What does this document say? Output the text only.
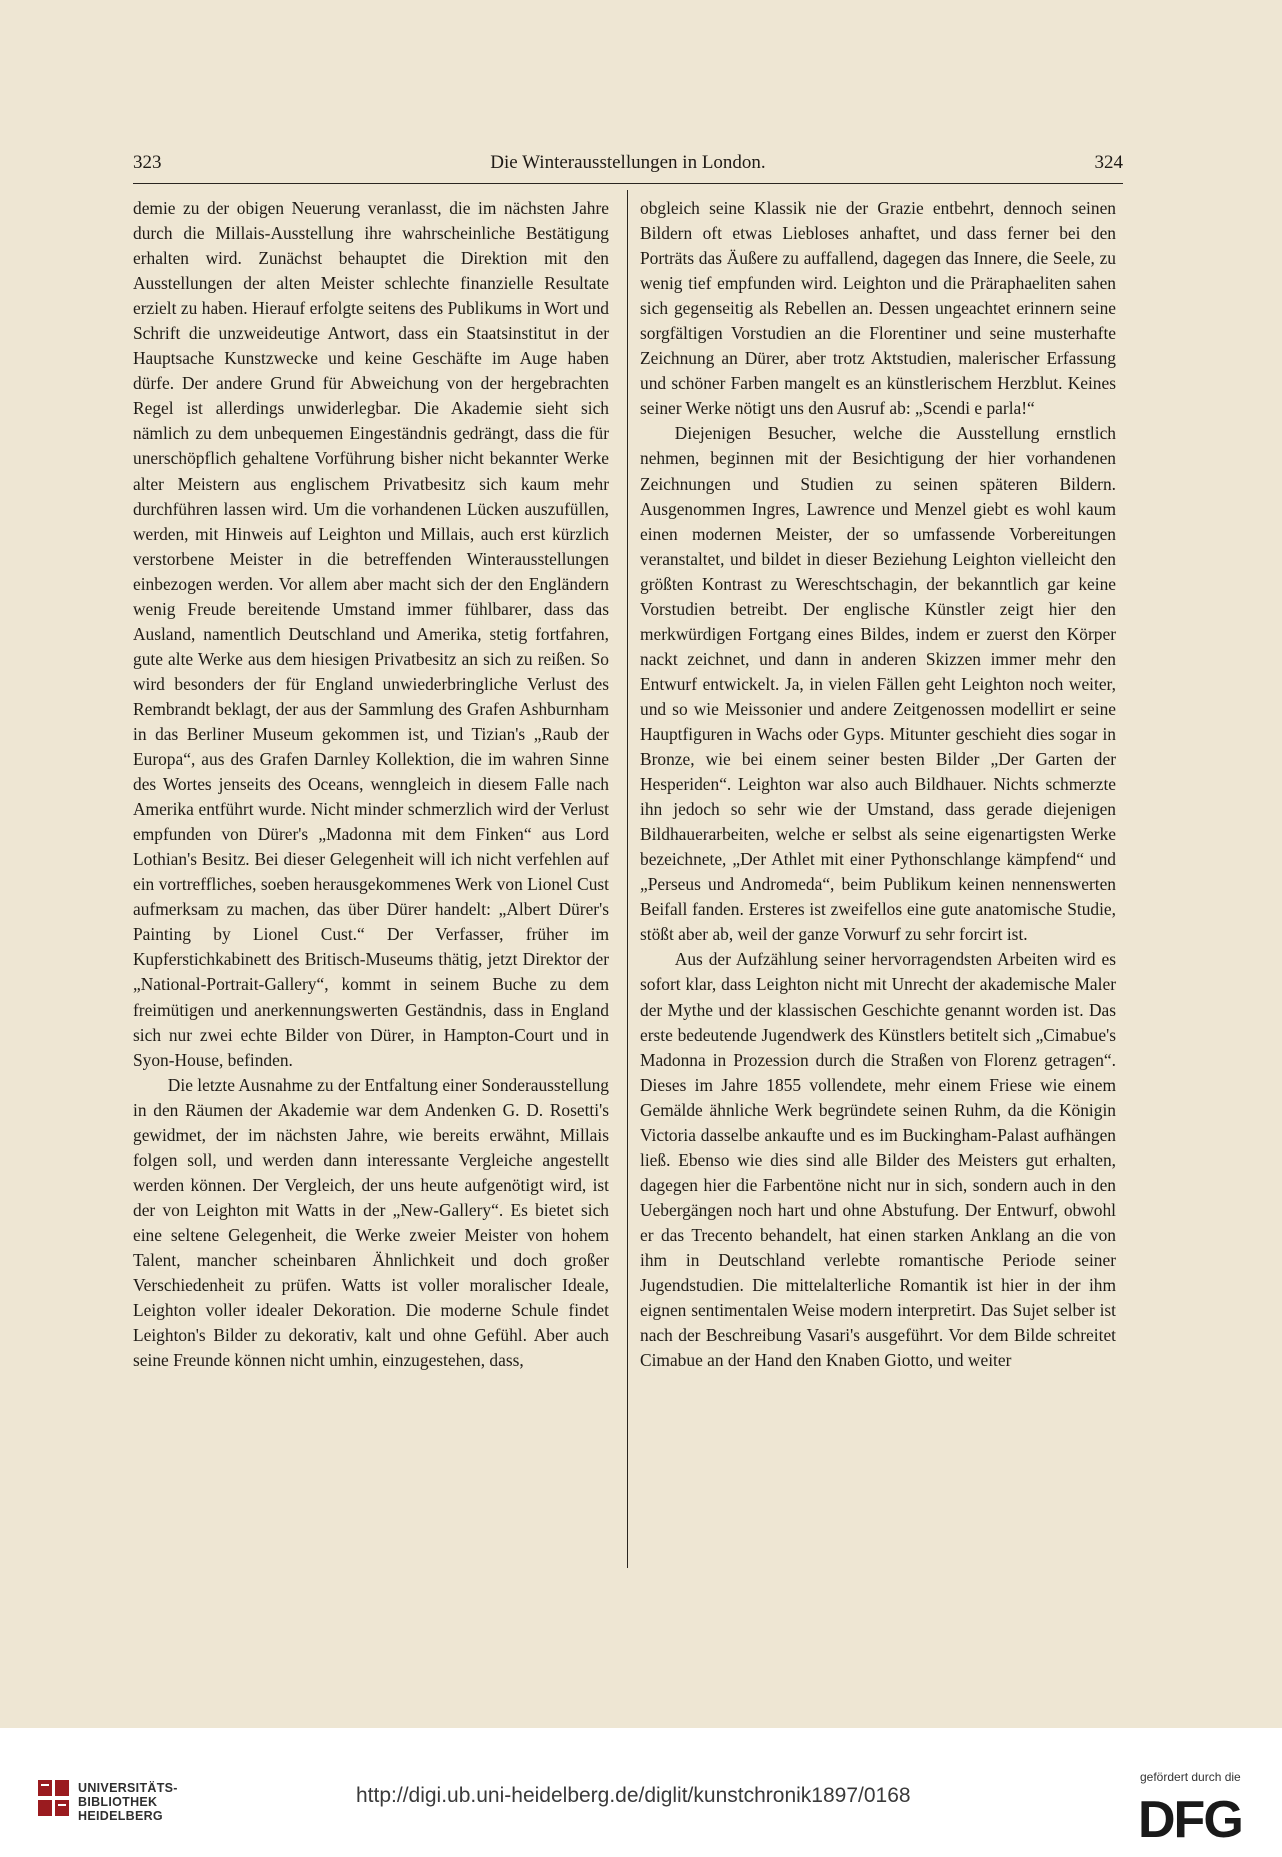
323	Die Winterausstellungen in London.	324

demie zu der obigen Neuerung veranlasst, die im nächsten Jahre durch die Millais-Ausstellung ihre wahrscheinliche Bestätigung erhalten wird. Zunächst behauptet die Direktion mit den Ausstellungen der alten Meister schlechte finanzielle Resultate erzielt zu haben. Hierauf erfolgte seitens des Publikums in Wort und Schrift die unzweideutige Antwort, dass ein Staatsinstitut in der Hauptsache Kunstzwecke und keine Geschäfte im Auge haben dürfe. Der andere Grund für Abweichung von der hergebrachten Regel ist allerdings unwiderlegbar. Die Akademie sieht sich nämlich zu dem unbequemen Eingeständnis gedrängt, dass die für unerschöpflich gehaltene Vorführung bisher nicht bekannter Werke alter Meistern aus englischem Privatbesitz sich kaum mehr durchführen lassen wird. Um die vorhandenen Lücken auszufüllen, werden, mit Hinweis auf Leighton und Millais, auch erst kürzlich verstorbene Meister in die betreffenden Winterausstellungen einbezogen werden. Vor allem aber macht sich der den Engländern wenig Freude bereitende Umstand immer fühlbarer, dass das Ausland, namentlich Deutschland und Amerika, stetig fortfahren, gute alte Werke aus dem hiesigen Privatbesitz an sich zu reißen. So wird besonders der für England unwiederbringliche Verlust des Rembrandt beklagt, der aus der Sammlung des Grafen Ashburnham in das Berliner Museum gekommen ist, und Tizian's „Raub der Europa“, aus des Grafen Darnley Kollektion, die im wahren Sinne des Wortes jenseits des Oceans, wenngleich in diesem Falle nach Amerika entführt wurde. Nicht minder schmerzlich wird der Verlust empfunden von Dürer's „Madonna mit dem Finken“ aus Lord Lothian's Besitz. Bei dieser Gelegenheit will ich nicht verfehlen auf ein vortreffliches, soeben herausgekommenes Werk von Lionel Cust aufmerksam zu machen, das über Dürer handelt: „Albert Dürer's Painting by Lionel Cust.“ Der Verfasser, früher im Kupferstichkabinett des Britisch-Museums thätig, jetzt Direktor der „National-Portrait-Gallery“, kommt in seinem Buche zu dem freimütigen und anerkennungswerten Geständnis, dass in England sich nur zwei echte Bilder von Dürer, in Hampton-Court und in Syon-House, befinden.

Die letzte Ausnahme zu der Entfaltung einer Sonderausstellung in den Räumen der Akademie war dem Andenken G. D. Rosetti's gewidmet, der im nächsten Jahre, wie bereits erwähnt, Millais folgen soll, und werden dann interessante Vergleiche angestellt werden können. Der Vergleich, der uns heute aufgenötigt wird, ist der von Leighton mit Watts in der „New-Gallery“. Es bietet sich eine seltene Gelegenheit, die Werke zweier Meister von hohem Talent, mancher scheinbaren Ähnlichkeit und doch großer Verschiedenheit zu prüfen. Watts ist voller moralischer Ideale, Leighton voller idealer Dekoration. Die moderne Schule findet Leighton's Bilder zu dekorativ, kalt und ohne Gefühl. Aber auch seine Freunde können nicht umhin, einzugestehen, dass,

obgleich seine Klassik nie der Grazie entbehrt, dennoch seinen Bildern oft etwas Liebloses anhaftet, und dass ferner bei den Porträts das Äußere zu auffallend, dagegen das Innere, die Seele, zu wenig tief empfunden wird. Leighton und die Präraphaeliten sahen sich gegenseitig als Rebellen an. Dessen ungeachtet erinnern seine sorgfältigen Vorstudien an die Florentiner und seine musterhafte Zeichnung an Dürer, aber trotz Aktstudien, malerischer Erfassung und schöner Farben mangelt es an künstlerischem Herzblut. Keines seiner Werke nötigt uns den Ausruf ab: „Scendi e parla!“

Diejenigen Besucher, welche die Ausstellung ernstlich nehmen, beginnen mit der Besichtigung der hier vorhandenen Zeichnungen und Studien zu seinen späteren Bildern. Ausgenommen Ingres, Lawrence und Menzel giebt es wohl kaum einen modernen Meister, der so umfassende Vorbereitungen veranstaltet, und bildet in dieser Beziehung Leighton vielleicht den größten Kontrast zu Wereschtschagin, der bekanntlich gar keine Vorstudien betreibt. Der englische Künstler zeigt hier den merkwürdigen Fortgang eines Bildes, indem er zuerst den Körper nackt zeichnet, und dann in anderen Skizzen immer mehr den Entwurf entwickelt. Ja, in vielen Fällen geht Leighton noch weiter, und so wie Meissonier und andere Zeitgenossen modellirt er seine Hauptfiguren in Wachs oder Gyps. Mitunter geschieht dies sogar in Bronze, wie bei einem seiner besten Bilder „Der Garten der Hesperiden“. Leighton war also auch Bildhauer. Nichts schmerzte ihn jedoch so sehr wie der Umstand, dass gerade diejenigen Bildhauerarbeiten, welche er selbst als seine eigenartigsten Werke bezeichnete, „Der Athlet mit einer Pythonschlange kämpfend“ und „Perseus und Andromeda“, beim Publikum keinen nennenswerten Beifall fanden. Ersteres ist zweifellos eine gute anatomische Studie, stößt aber ab, weil der ganze Vorwurf zu sehr forcirt ist.

Aus der Aufzählung seiner hervorragendsten Arbeiten wird es sofort klar, dass Leighton nicht mit Unrecht der akademische Maler der Mythe und der klassischen Geschichte genannt worden ist. Das erste bedeutende Jugendwerk des Künstlers betitelt sich „Cimabue's Madonna in Prozession durch die Straßen von Florenz getragen“. Dieses im Jahre 1855 vollendete, mehr einem Friese wie einem Gemälde ähnliche Werk begründete seinen Ruhm, da die Königin Victoria dasselbe ankaufte und es im Buckingham-Palast aufhängen ließ. Ebenso wie dies sind alle Bilder des Meisters gut erhalten, dagegen hier die Farbentöne nicht nur in sich, sondern auch in den Uebergängen noch hart und ohne Abstufung. Der Entwurf, obwohl er das Trecento behandelt, hat einen starken Anklang an die von ihm in Deutschland verlebte romantische Periode seiner Jugendstudien. Die mittelalterliche Romantik ist hier in der ihm eignen sentimentalen Weise modern interpretirt. Das Sujet selber ist nach der Beschreibung Vasari's ausgeführt. Vor dem Bilde schreitet Cimabue an der Hand den Knaben Giotto, und weiter

UNIVERSITÄTS-
BIBLIOTHEK
HEIDELBERG
http://digi.ub.uni-heidelberg.de/diglit/kunstchronik1897/0168
gefördert durch die
DFG
